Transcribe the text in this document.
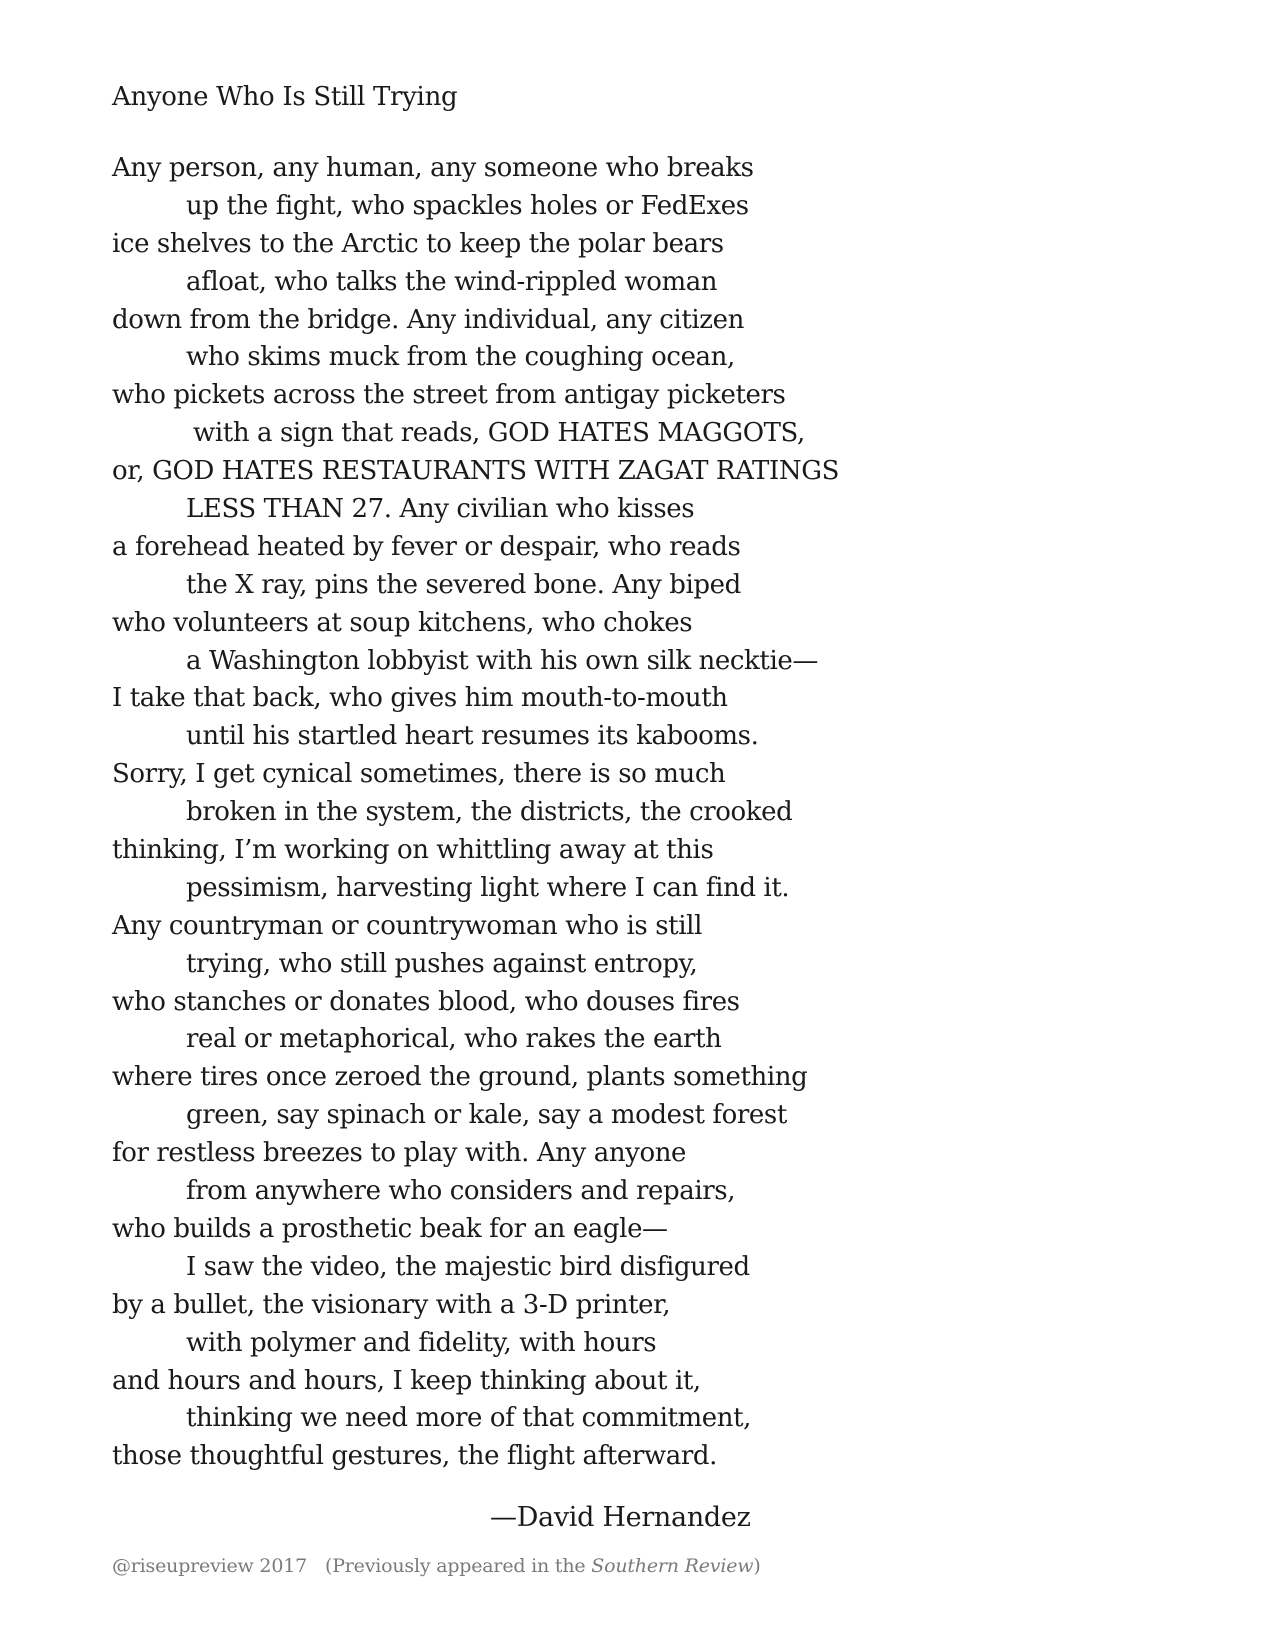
Anyone Who Is Still Trying
Any person, any human, any someone who breaks
up the fight, who spackles holes or FedExes
ice shelves to the Arctic to keep the polar bears
afloat, who talks the wind-rippled woman
down from the bridge. Any individual, any citizen
who skims muck from the coughing ocean,
who pickets across the street from antigay picketers
with a sign that reads, GOD HATES MAGGOTS,
or, GOD HATES RESTAURANTS WITH ZAGAT RATINGS
LESS THAN 27. Any civilian who kisses
a forehead heated by fever or despair, who reads
the X ray, pins the severed bone. Any biped
who volunteers at soup kitchens, who chokes
a Washington lobbyist with his own silk necktie—
I take that back, who gives him mouth-to-mouth
until his startled heart resumes its kabooms.
Sorry, I get cynical sometimes, there is so much
broken in the system, the districts, the crooked
thinking, I’m working on whittling away at this
pessimism, harvesting light where I can find it.
Any countryman or countrywoman who is still
trying, who still pushes against entropy,
who stanches or donates blood, who douses fires
real or metaphorical, who rakes the earth
where tires once zeroed the ground, plants something
green, say spinach or kale, say a modest forest
for restless breezes to play with. Any anyone
from anywhere who considers and repairs,
who builds a prosthetic beak for an eagle—
I saw the video, the majestic bird disfigured
by a bullet, the visionary with a 3-D printer,
with polymer and fidelity, with hours
and hours and hours, I keep thinking about it,
thinking we need more of that commitment,
those thoughtful gestures, the flight afterward.
—David Hernandez
@riseupreview 2017 (Previously appeared in the Southern Review)
